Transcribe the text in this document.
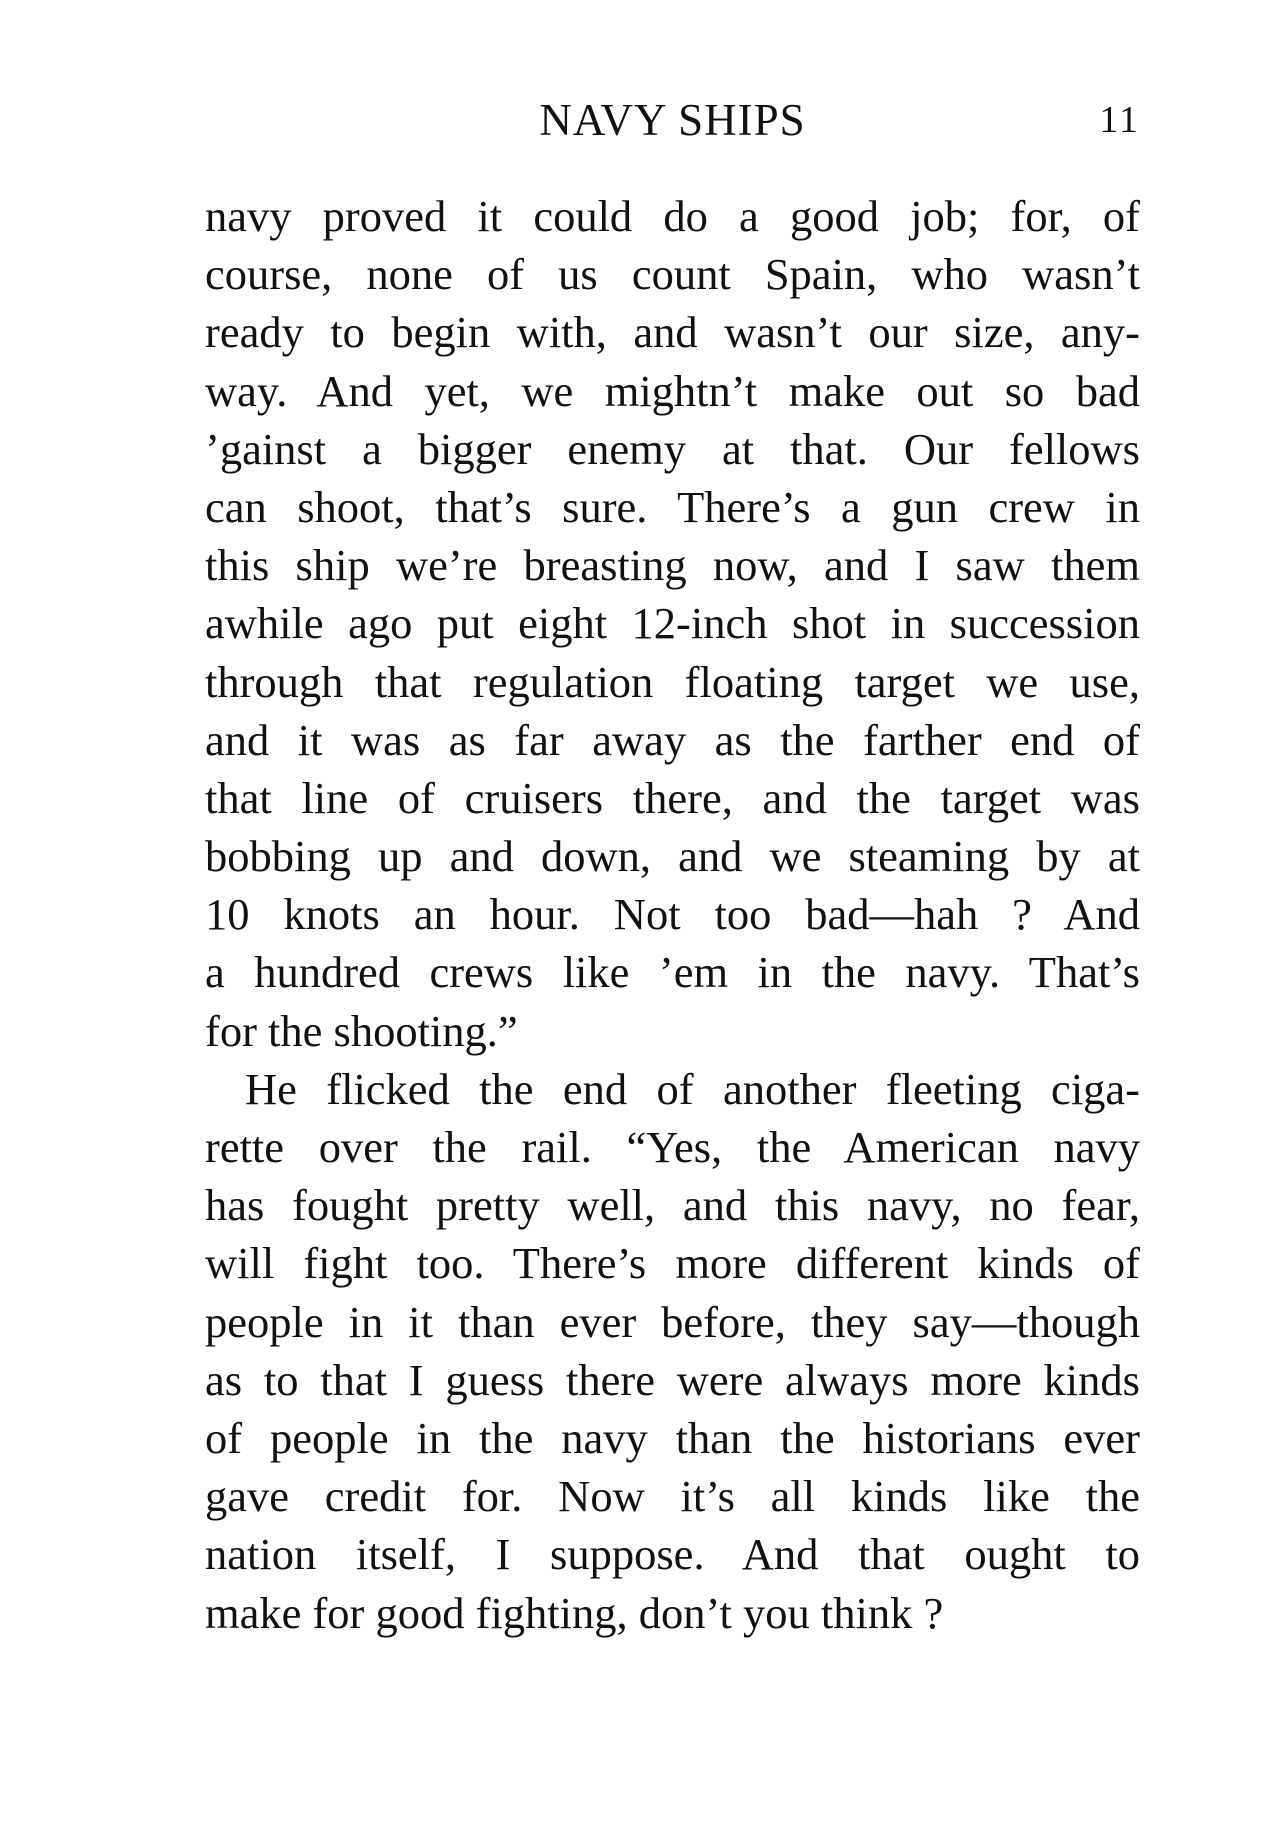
NAVY SHIPS	11
navy proved it could do a good job; for, of
course, none of us count Spain, who wasn’t
ready to begin with, and wasn’t our size, any-
way. And yet, we mightn’t make out so bad
’gainst a bigger enemy at that. Our fellows
can shoot, that’s sure. There’s a gun crew in
this ship we’re breasting now, and I saw them
awhile ago put eight 12-inch shot in succession
through that regulation floating target we use,
and it was as far away as the farther end of
that line of cruisers there, and the target was
bobbing up and down, and we steaming by at
10 knots an hour. Not too bad—hah ? And
a hundred crews like ’em in the navy. That’s
for the shooting.”
He flicked the end of another fleeting ciga-
rette over the rail. “Yes, the American navy
has fought pretty well, and this navy, no fear,
will fight too. There’s more different kinds of
people in it than ever before, they say—though
as to that I guess there were always more kinds
of people in the navy than the historians ever
gave credit for. Now it’s all kinds like the
nation itself, I suppose. And that ought to
make for good fighting, don’t you think ?
